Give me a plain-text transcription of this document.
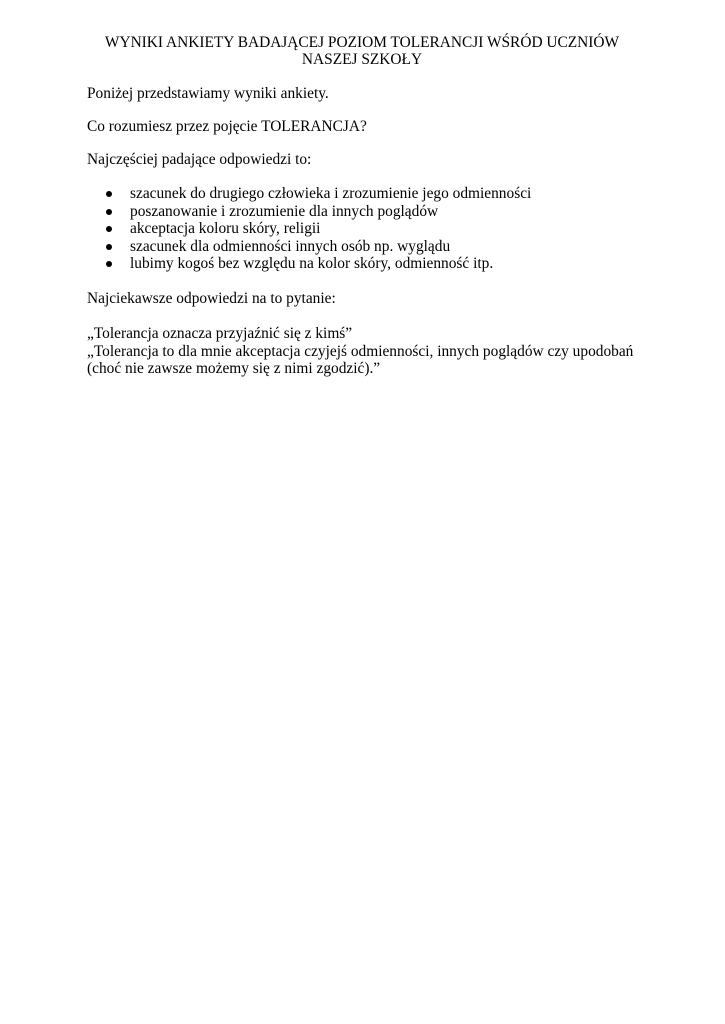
WYNIKI ANKIETY BADAJĄCEJ POZIOM TOLERANCJI WŚRÓD UCZNIÓW NASZEJ SZKOŁY

Poniżej przedstawiamy wyniki ankiety.

Co rozumiesz przez pojęcie TOLERANCJA?

Najczęściej padające odpowiedzi to:

szacunek do drugiego człowieka i zrozumienie jego odmienności
poszanowanie i zrozumienie dla innych poglądów
akceptacja koloru skóry, religii
szacunek dla odmienności innych osób np. wyglądu
lubimy kogoś bez względu na kolor skóry, odmienność itp.

Najciekawsze odpowiedzi na to pytanie:

„Tolerancja oznacza przyjaźnić się z kimś”
„Tolerancja to dla mnie akceptacja czyjejś odmienności, innych poglądów czy upodobań
(choć nie zawsze możemy się z nimi zgodzić).”
